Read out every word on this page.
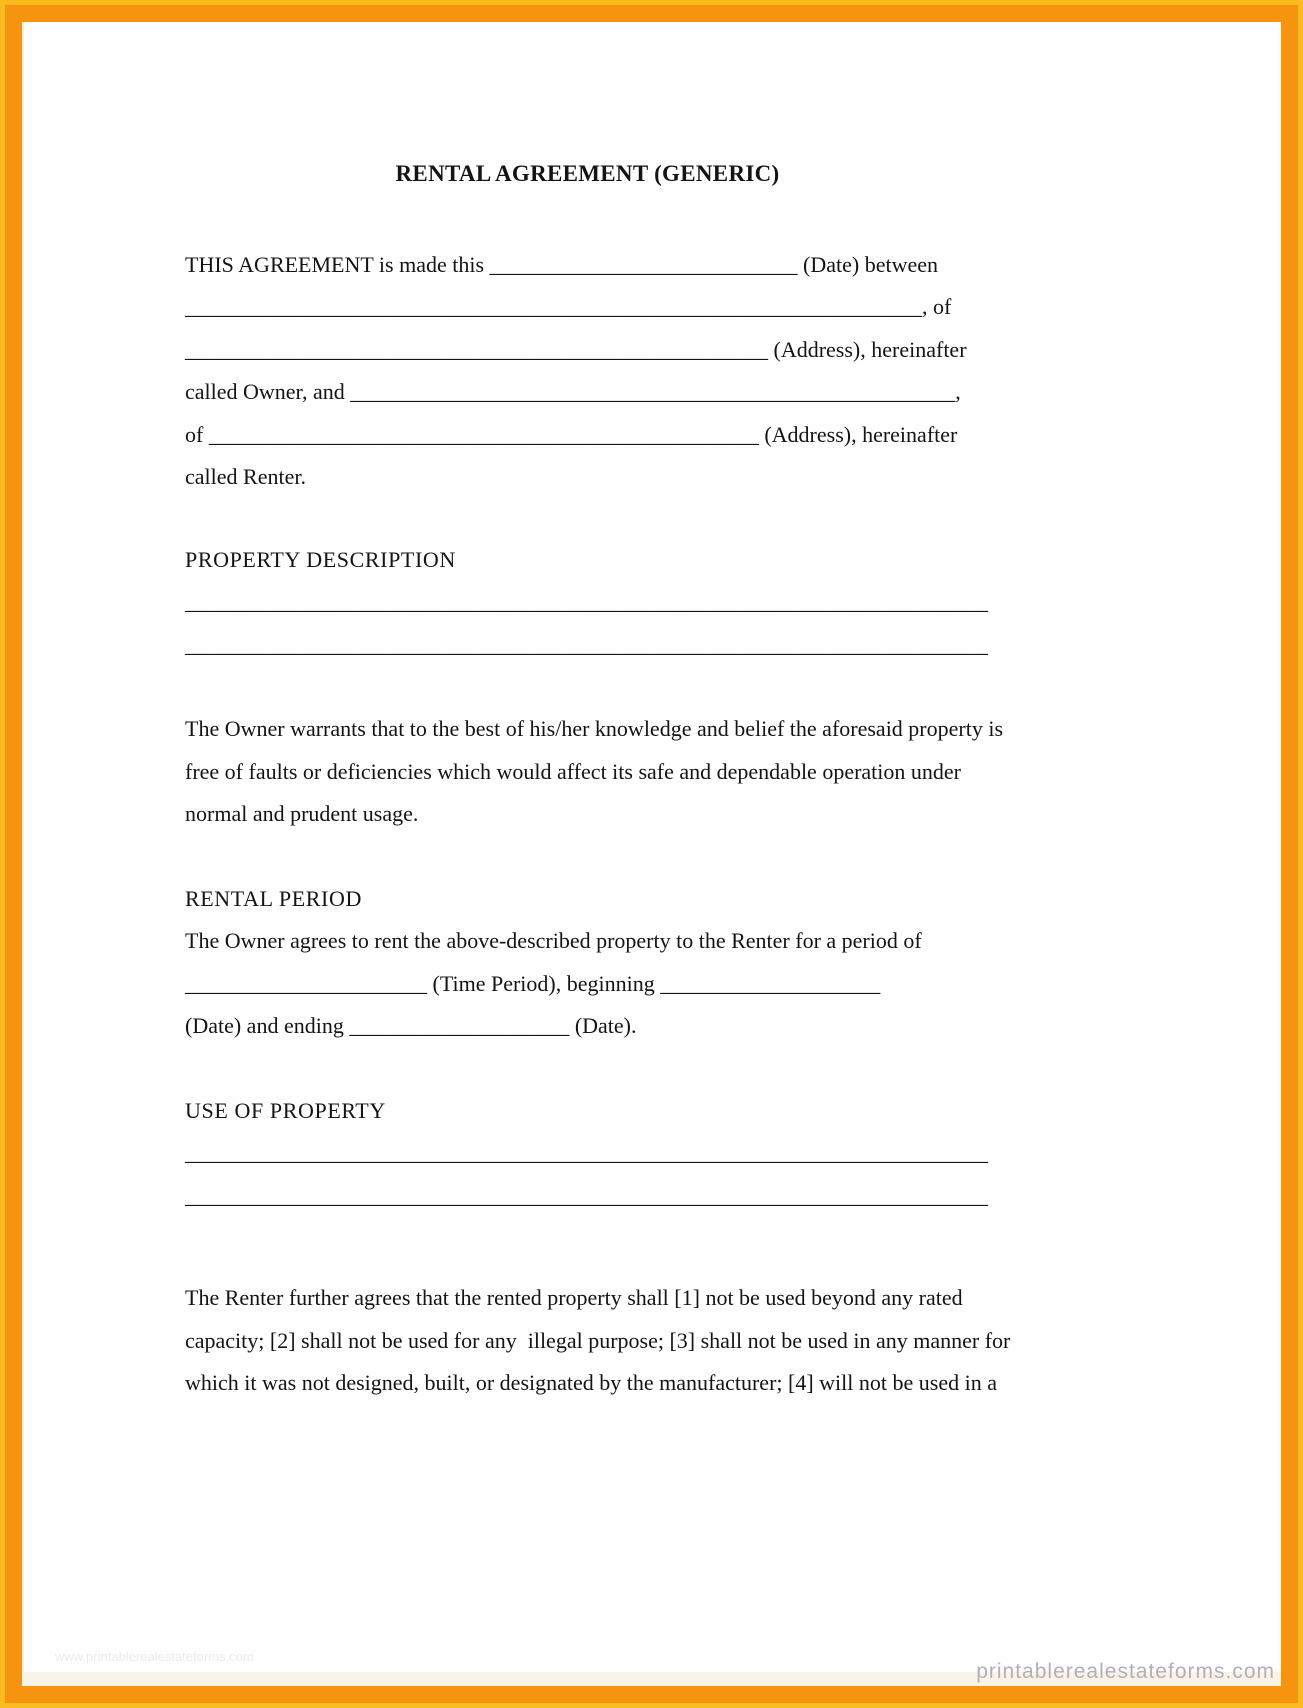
RENTAL AGREEMENT (GENERIC)
THIS AGREEMENT is made this ____________________________ (Date) between
___________________________________________________________________, of
_____________________________________________________ (Address), hereinafter
called Owner, and _______________________________________________________,
of __________________________________________________ (Address), hereinafter
called Renter.
PROPERTY DESCRIPTION
_________________________________________________________________________
_________________________________________________________________________
The Owner warrants that to the best of his/her knowledge and belief the aforesaid property is
free of faults or deficiencies which would affect its safe and dependable operation under
normal and prudent usage.
RENTAL PERIOD
The Owner agrees to rent the above-described property to the Renter for a period of
______________________ (Time Period), beginning ____________________
(Date) and ending ____________________ (Date).
USE OF PROPERTY
_________________________________________________________________________
_________________________________________________________________________
The Renter further agrees that the rented property shall [1] not be used beyond any rated
capacity; [2] shall not be used for any  illegal purpose; [3] shall not be used in any manner for
which it was not designed, built, or designated by the manufacturer; [4] will not be used in a
www.printablerealestateforms.com
printablerealestateforms.com
